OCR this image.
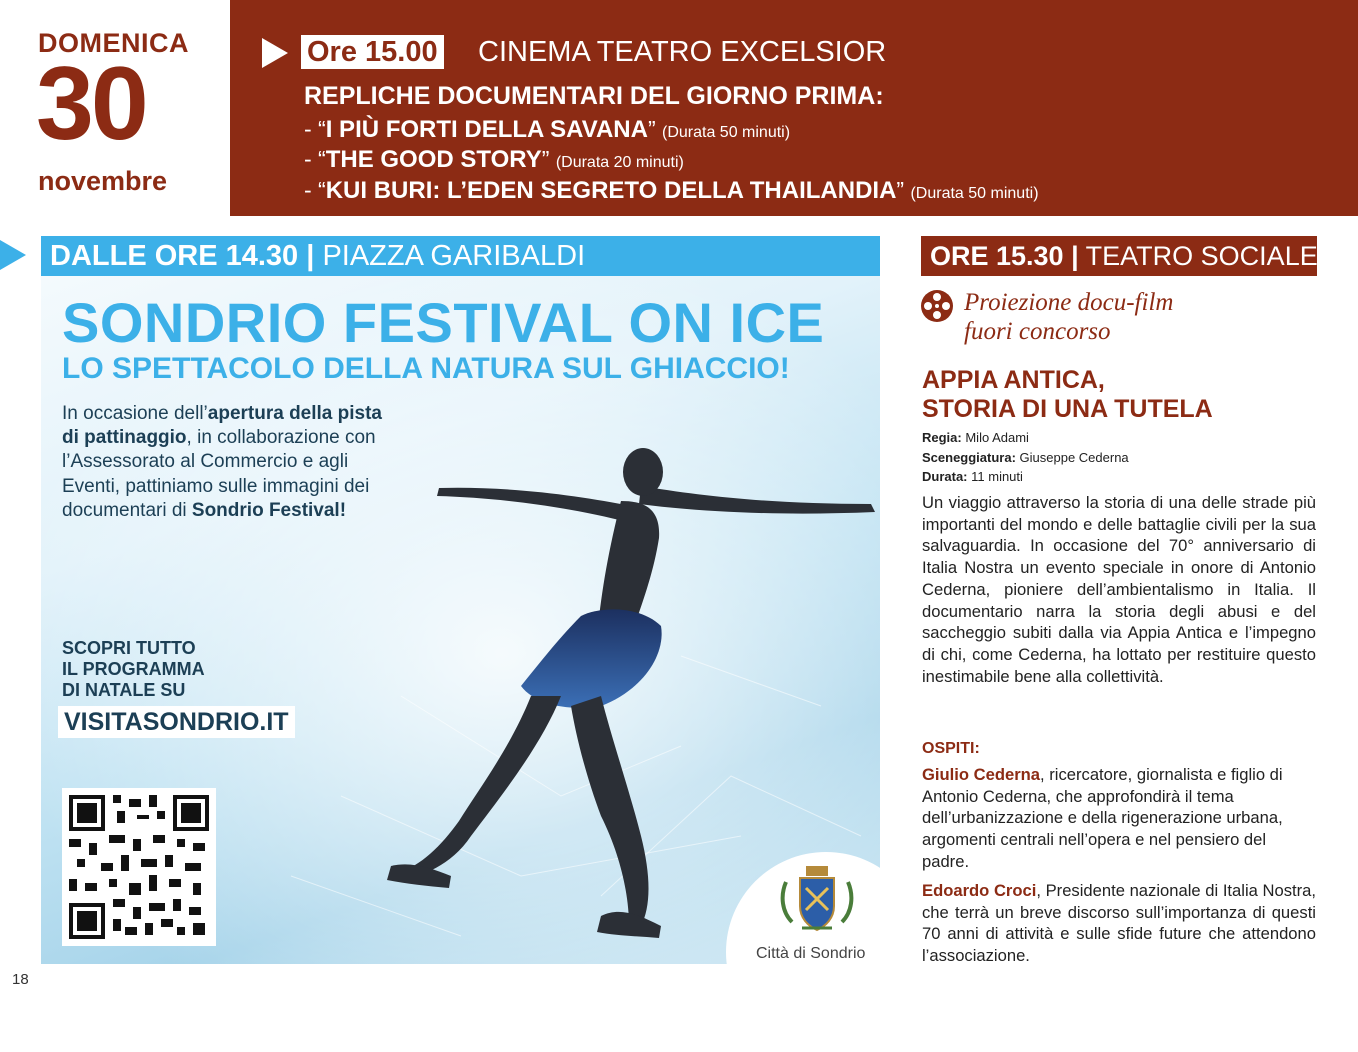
DOMENICA
30
novembre
Ore 15.00 CINEMA TEATRO EXCELSIOR
REPLICHE DOCUMENTARI DEL GIORNO PRIMA:
- “I PIÙ FORTI DELLA SAVANA” (Durata 50 minuti)
- “THE GOOD STORY” (Durata 20 minuti)
- “KUI BURI: L’EDEN SEGRETO DELLA THAILANDIA” (Durata 50 minuti)
DALLE ORE 14.30 | PIAZZA GARIBALDI
SONDRIO FESTIVAL ON ICE
LO SPETTACOLO DELLA NATURA SUL GHIACCIO!
In occasione dell’apertura della pista di pattinaggio, in collaborazione con l’Assessorato al Commercio e agli Eventi, pattiniamo sulle immagini dei documentari di Sondrio Festival!
SCOPRI TUTTO
IL PROGRAMMA
DI NATALE SU
VISITASONDRIO.IT
Città di Sondrio
ORE 15.30 | TEATRO SOCIALE
Proiezione docu-film
fuori concorso
APPIA ANTICA,
STORIA DI UNA TUTELA
Regia: Milo Adami
Sceneggiatura: Giuseppe Cederna
Durata: 11 minuti
Un viaggio attraverso la storia di una delle strade più importanti del mondo e delle battaglie civili per la sua salvaguardia. In occasione del 70° anniversario di Italia Nostra un evento speciale in onore di Antonio Cederna, pioniere dell’ambientalismo in Italia. Il documentario narra la storia degli abusi e del saccheggio subiti dalla via Appia Antica e l’impegno di chi, come Cederna, ha lottato per restituire questo inestimabile bene alla collettività.
OSPITI:
Giulio Cederna, ricercatore, giornalista e figlio di Antonio Cederna, che approfondirà il tema dell’urbanizzazione e della rigenerazione urbana, argomenti centrali nell’opera e nel pensiero del padre.
Edoardo Croci, Presidente nazionale di Italia Nostra, che terrà un breve discorso sull’importanza di questi 70 anni di attività e sulle sfide future che attendono l’associazione.
18
